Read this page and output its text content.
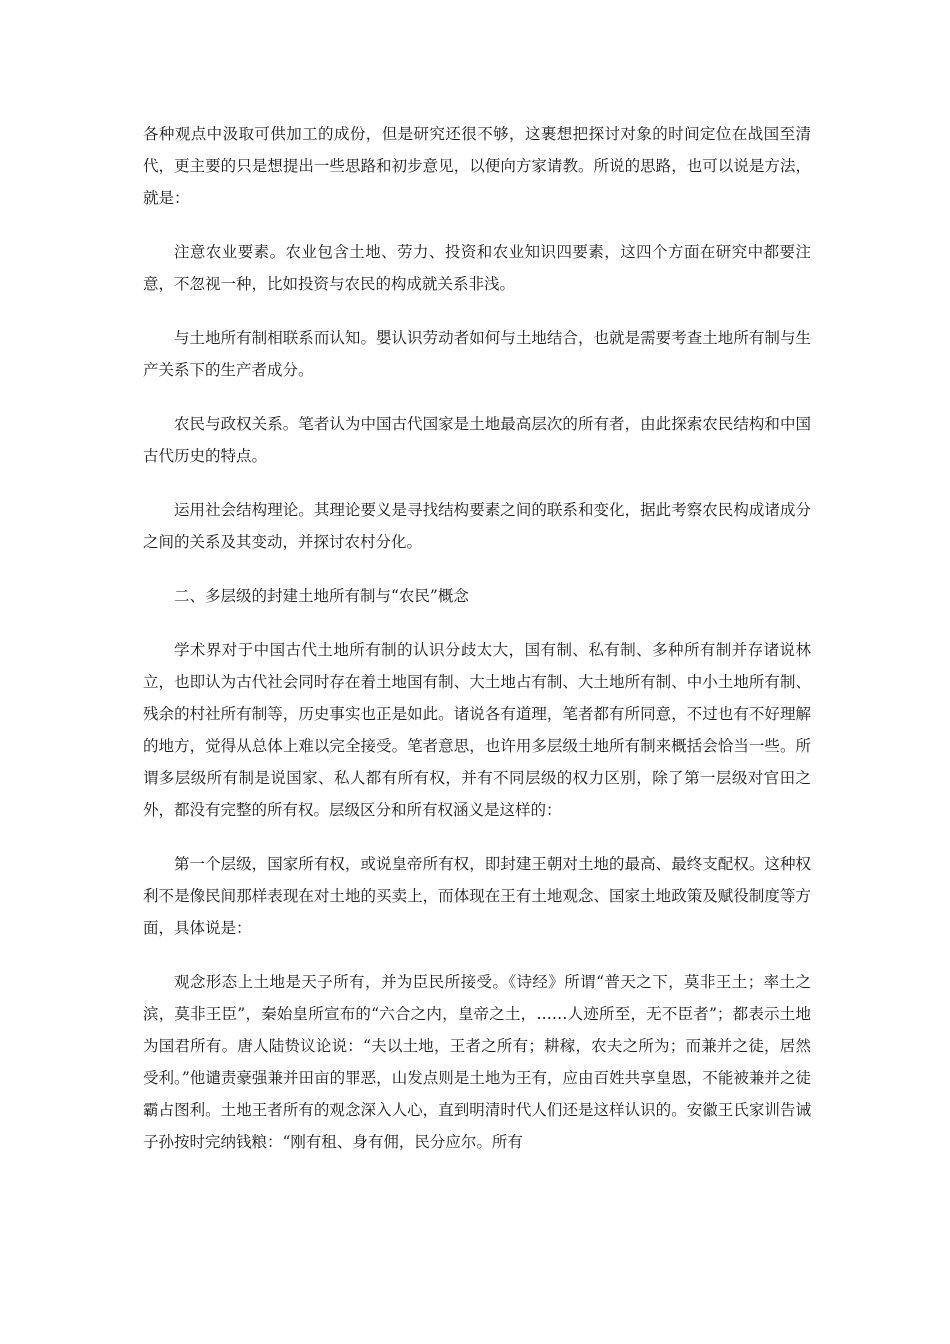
各种观点中汲取可供加工的成份，但是研究还很不够，这裹想把探讨对象的时间定位在战国至清代，更主要的只是想提出一些思路和初步意见，以便向方家请教。所说的思路，也可以说是方法，就是：

注意农业要素。农业包含土地、劳力、投资和农业知识四要素，这四个方面在研究中都要注意，不忽视一种，比如投资与农民的构成就关系非浅。

与土地所有制相联系而认知。嬰认识劳动者如何与土地结合，也就是需要考查土地所有制与生产关系下的生产者成分。

农民与政权关系。笔者认为中国古代国家是土地最高层次的所有者，由此探索农民结构和中国古代历史的特点。

运用社会结构理论。其理论要义是寻找结构要素之间的联系和变化，据此考察农民构成诸成分之间的关系及其变动，并探讨农村分化。

二、多层级的封建土地所有制与“农民”概念

学术界对于中国古代土地所有制的认识分歧太大，国有制、私有制、多种所有制并存诸说林立，也即认为古代社会同时存在着土地国有制、大土地占有制、大土地所有制、中小土地所有制、残余的村社所有制等，历史事实也正是如此。诸说各有道理，笔者都有所同意，不过也有不好理解的地方，觉得从总体上难以完全接受。笔者意思，也许用多层级土地所有制来概括会恰当一些。所谓多层级所有制是说国家、私人都有所有权，并有不同层级的权力区别，除了第一层级对官田之外，都没有完整的所有权。层级区分和所有权涵义是这样的：

第一个层级，国家所有权，或说皇帝所有权，即封建王朝对土地的最高、最终支配权。这种权利不是像民间那样表现在对土地的买卖上，而体现在王有土地观念、国家土地政策及赋役制度等方面，具体说是：

观念形态上土地是天子所有，并为臣民所接受。《诗经》所谓“普天之下，莫非王土；率土之滨，莫非王臣”，秦始皇所宣布的“六合之内，皇帝之土，……人迹所至，无不臣者”；都表示土地为国君所有。唐人陆贽议论说：“夫以土地，王者之所有；耕稼，农夫之所为；而兼并之徒，居然受利。”他谴责豪强兼并田亩的罪恶，山发点则是土地为王有，应由百姓共享皇恩，不能被兼并之徒霸占图利。土地王者所有的观念深入人心，直到明清时代人们还是这样认识的。安徽王氏家训告诫子孙按时完纳钱粮：“刚有租、身有佣，民分应尔。所有
